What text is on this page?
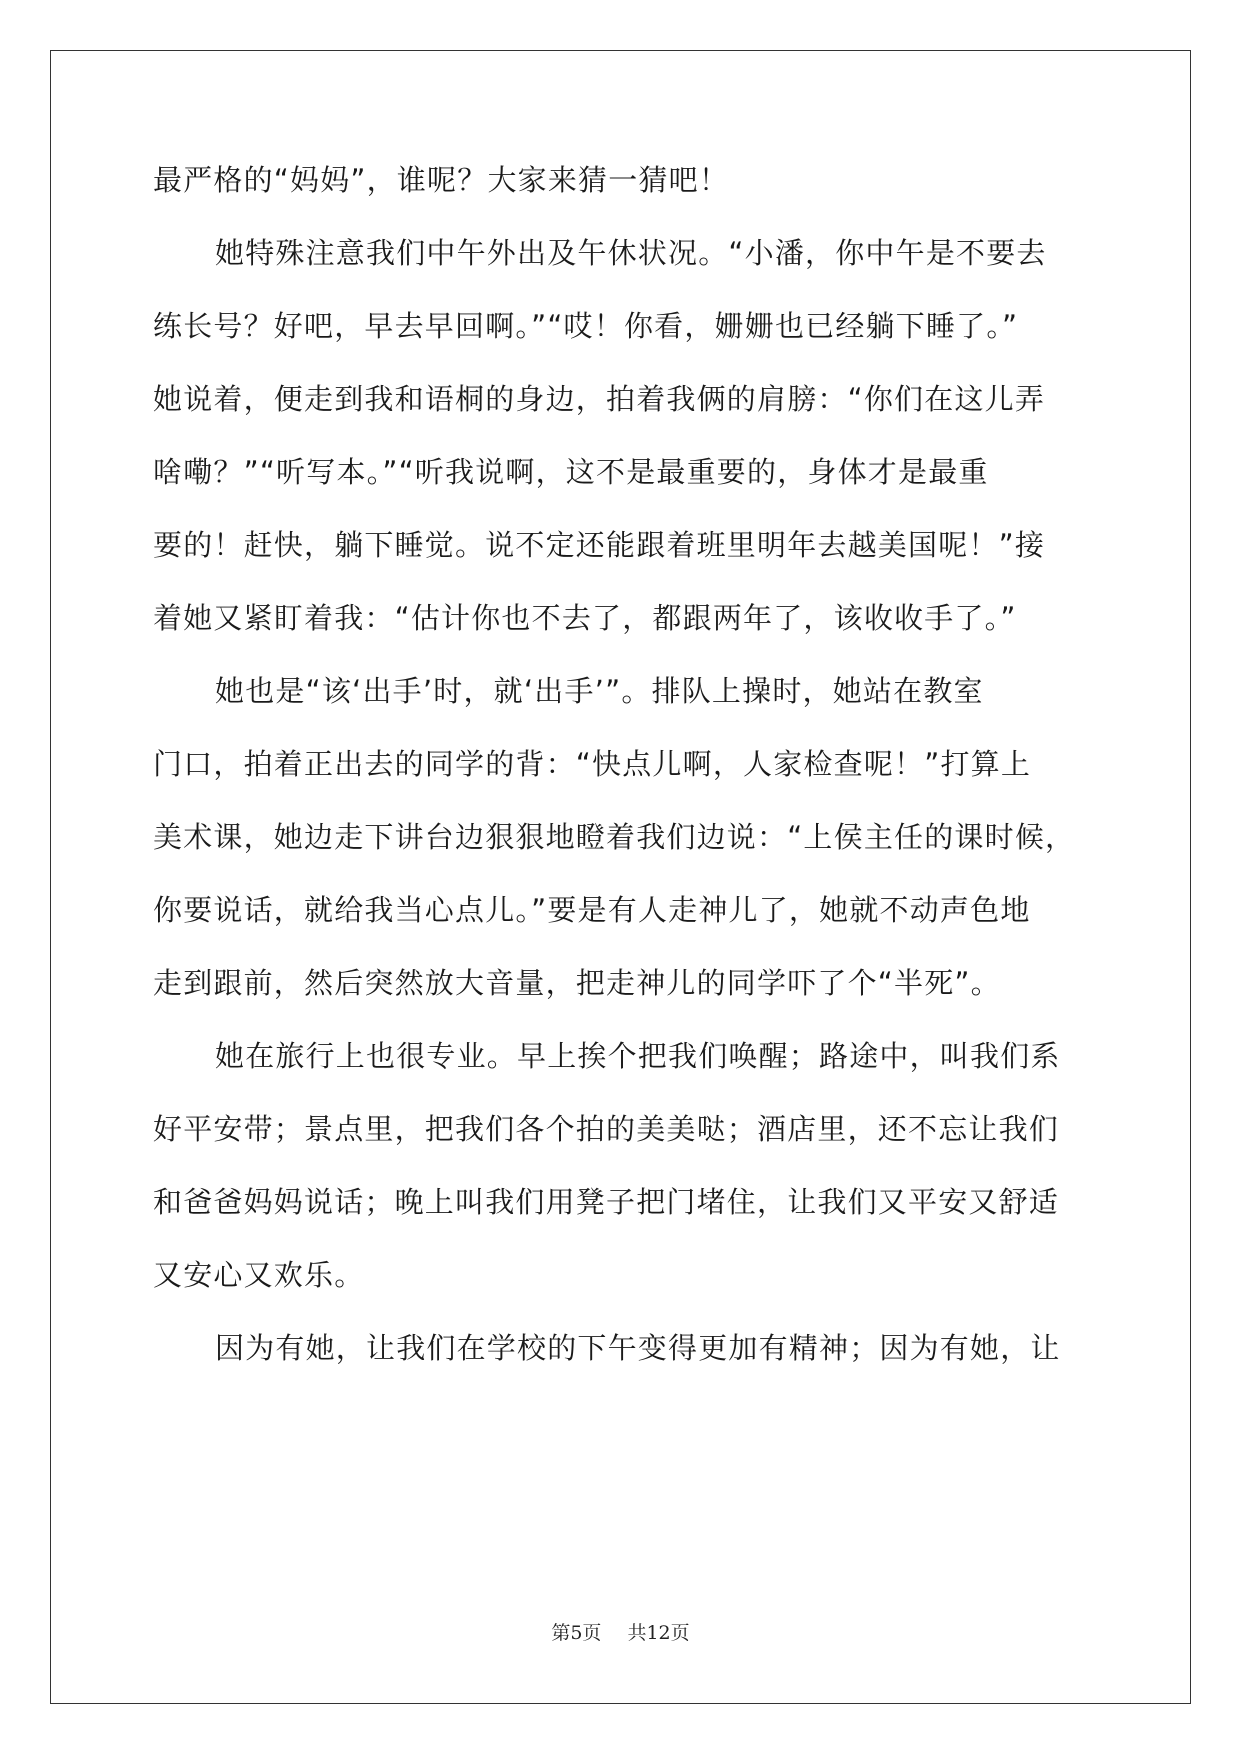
最严格的“妈妈”，谁呢？大家来猜一猜吧！
她特殊注意我们中午外出及午休状况。“小潘，你中午是不要去
练长号？好吧，早去早回啊。”“哎！你看，姗姗也已经躺下睡了。”
她说着，便走到我和语桐的身边，拍着我俩的肩膀：“你们在这儿弄
啥嘞？”“听写本。”“听我说啊，这不是最重要的，身体才是最重
要的！赶快，躺下睡觉。说不定还能跟着班里明年去越美国呢！”接
着她又紧盯着我：“估计你也不去了，都跟两年了，该收收手了。”
她也是“该‘出手’时，就‘出手’”。排队上操时，她站在教室
门口，拍着正出去的同学的背：“快点儿啊，人家检查呢！”打算上
美术课，她边走下讲台边狠狠地瞪着我们边说：“上侯主任的课时候，
你要说话，就给我当心点儿。”要是有人走神儿了，她就不动声色地
走到跟前，然后突然放大音量，把走神儿的同学吓了个“半死”。
她在旅行上也很专业。早上挨个把我们唤醒；路途中，叫我们系
好平安带；景点里，把我们各个拍的美美哒；酒店里，还不忘让我们
和爸爸妈妈说话；晚上叫我们用凳子把门堵住，让我们又平安又舒适
又安心又欢乐。
因为有她，让我们在学校的下午变得更加有精神；因为有她，让
第5页 共12页
